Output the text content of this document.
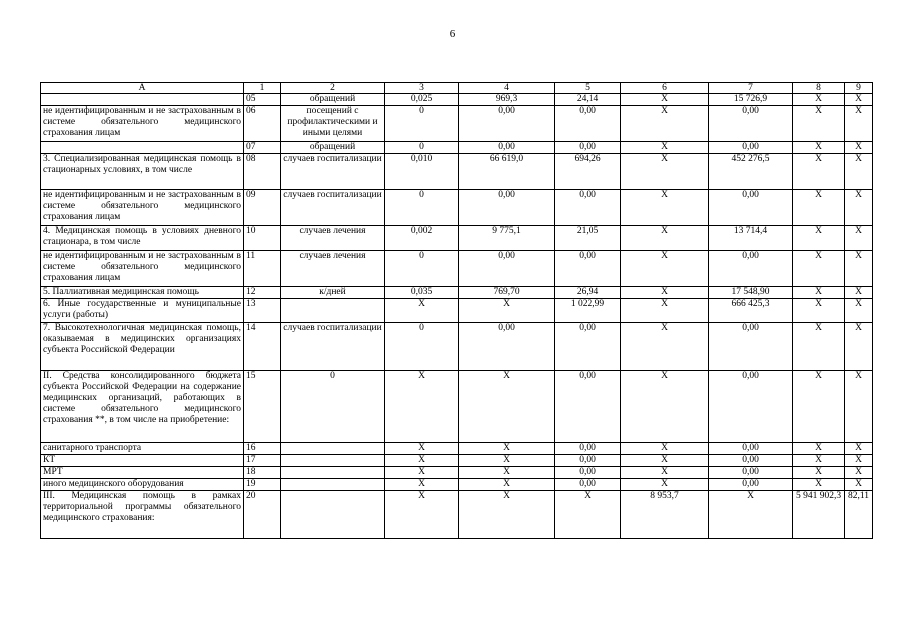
6
А	1	2	3	4	5	6	7	8	9
	05	обращений	0,025	969,3	24,14	Х	15 726,9	Х	Х
не идентифицированным и не застрахованным в системе обязательного медицинского страхования лицам	06	посещений с профилактическими и иными целями	0	0,00	0,00	Х	0,00	Х	Х
	07	обращений	0	0,00	0,00	Х	0,00	Х	Х
3. Специализированная медицинская помощь в стационарных условиях, в том числе	08	случаев госпитализации	0,010	66 619,0	694,26	Х	452 276,5	Х	Х
не идентифицированным и не застрахованным в системе обязательного медицинского страхования лицам	09	случаев госпитализации	0	0,00	0,00	Х	0,00	Х	Х
4. Медицинская помощь в условиях дневного стационара, в том числе	10	случаев лечения	0,002	9 775,1	21,05	Х	13 714,4	Х	Х
не идентифицированным и не застрахованным в системе обязательного медицинского страхования лицам	11	случаев лечения	0	0,00	0,00	Х	0,00	Х	Х
5. Паллиативная медицинская помощь	12	к/дней	0,035	769,70	26,94	Х	17 548,90	Х	Х
6. Иные государственные и муниципальные услуги (работы)	13		Х	Х	1 022,99	Х	666 425,3	Х	Х
7. Высокотехнологичная медицинская помощь, оказываемая в медицинских организациях субъекта Российской Федерации	14	случаев госпитализации	0	0,00	0,00	Х	0,00	Х	Х
II. Средства консолидированного бюджета субъекта Российской Федерации на содержание медицинских организаций, работающих в системе обязательного медицинского страхования **, в том числе на приобретение:	15	0	Х	Х	0,00	Х	0,00	Х	Х
санитарного транспорта	16		Х	Х	0,00	Х	0,00	Х	Х
КТ	17		Х	Х	0,00	Х	0,00	Х	Х
МРТ	18		Х	Х	0,00	Х	0,00	Х	Х
иного медицинского оборудования	19		Х	Х	0,00	Х	0,00	Х	Х
III. Медицинская помощь в рамках территориальной программы обязательного медицинского страхования:	20		Х	Х	Х	8 953,7	Х	5 941 902,3	82,11
